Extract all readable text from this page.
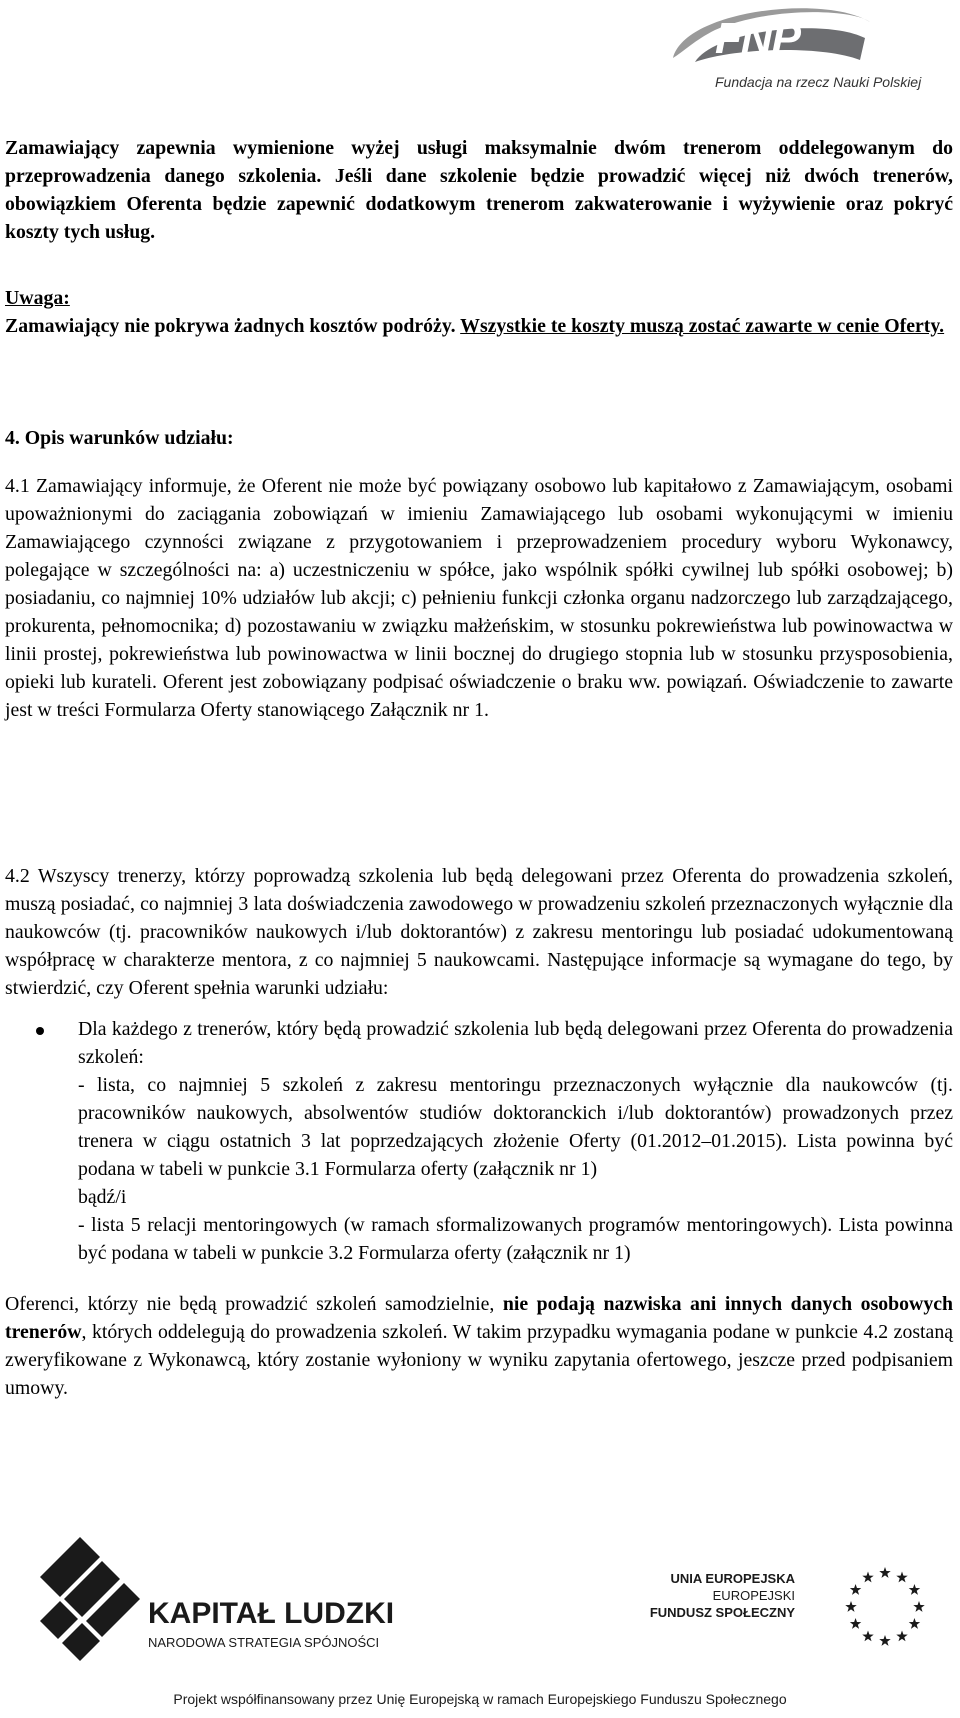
FNP
Fundacja na rzecz Nauki Polskiej
Zamawiający zapewnia wymienione wyżej usługi maksymalnie dwóm trenerom oddelegowanym do przeprowadzenia danego szkolenia. Jeśli dane szkolenie będzie prowadzić więcej niż dwóch trenerów, obowiązkiem Oferenta będzie zapewnić dodatkowym trenerom zakwaterowanie i wyżywienie oraz pokryć koszty tych usług.
Uwaga:
Zamawiający nie pokrywa żadnych kosztów podróży. Wszystkie te koszty muszą zostać zawarte w cenie Oferty.
4. Opis warunków udziału:
4.1 Zamawiający informuje, że Oferent nie może być powiązany osobowo lub kapitałowo z Zamawiającym, osobami upoważnionymi do zaciągania zobowiązań w imieniu Zamawiającego lub osobami wykonującymi w imieniu Zamawiającego czynności związane z przygotowaniem i przeprowadzeniem procedury wyboru Wykonawcy, polegające w szczególności na: a) uczestniczeniu w spółce, jako wspólnik spółki cywilnej lub spółki osobowej; b) posiadaniu, co najmniej 10% udziałów lub akcji; c) pełnieniu funkcji członka organu nadzorczego lub zarządzającego, prokurenta, pełnomocnika; d) pozostawaniu w związku małżeńskim, w stosunku pokrewieństwa lub powinowactwa w linii prostej, pokrewieństwa lub powinowactwa w linii bocznej do drugiego stopnia lub w stosunku przysposobienia, opieki lub kurateli. Oferent jest zobowiązany podpisać oświadczenie o braku ww. powiązań. Oświadczenie to zawarte jest w treści Formularza Oferty stanowiącego Załącznik nr 1.
4.2 Wszyscy trenerzy, którzy poprowadzą szkolenia lub będą delegowani przez Oferenta do prowadzenia szkoleń, muszą posiadać, co najmniej 3 lata doświadczenia zawodowego w prowadzeniu szkoleń przeznaczonych wyłącznie dla naukowców (tj. pracowników naukowych i/lub doktorantów) z zakresu mentoringu lub posiadać udokumentowaną współpracę w charakterze mentora, z co najmniej 5 naukowcami. Następujące informacje są wymagane do tego, by stwierdzić, czy Oferent spełnia warunki udziału:
Dla każdego z trenerów, który będą prowadzić szkolenia lub będą delegowani przez Oferenta do prowadzenia szkoleń:
- lista, co najmniej 5 szkoleń z zakresu mentoringu przeznaczonych wyłącznie dla naukowców (tj. pracowników naukowych, absolwentów studiów doktoranckich i/lub doktorantów) prowadzonych przez trenera w ciągu ostatnich 3 lat poprzedzających złożenie Oferty (01.2012–01.2015). Lista powinna być podana w tabeli w punkcie 3.1 Formularza oferty (załącznik nr 1)
bądź/i
- lista 5 relacji mentoringowych (w ramach sformalizowanych programów mentoringowych). Lista powinna być podana w tabeli w punkcie 3.2 Formularza oferty (załącznik nr 1)
Oferenci, którzy nie będą prowadzić szkoleń samodzielnie, nie podają nazwiska ani innych danych osobowych trenerów, których oddelegują do prowadzenia szkoleń. W takim przypadku wymagania podane w punkcie 4.2 zostaną zweryfikowane z Wykonawcą, który zostanie wyłoniony w wyniku zapytania ofertowego, jeszcze przed podpisaniem umowy.
KAPITAŁ LUDZKI
NARODOWA STRATEGIA SPÓJNOŚCI
UNIA EUROPEJSKA
EUROPEJSKI
FUNDUSZ SPOŁECZNY
Projekt współfinansowany przez Unię Europejską w ramach Europejskiego Funduszu Społecznego
